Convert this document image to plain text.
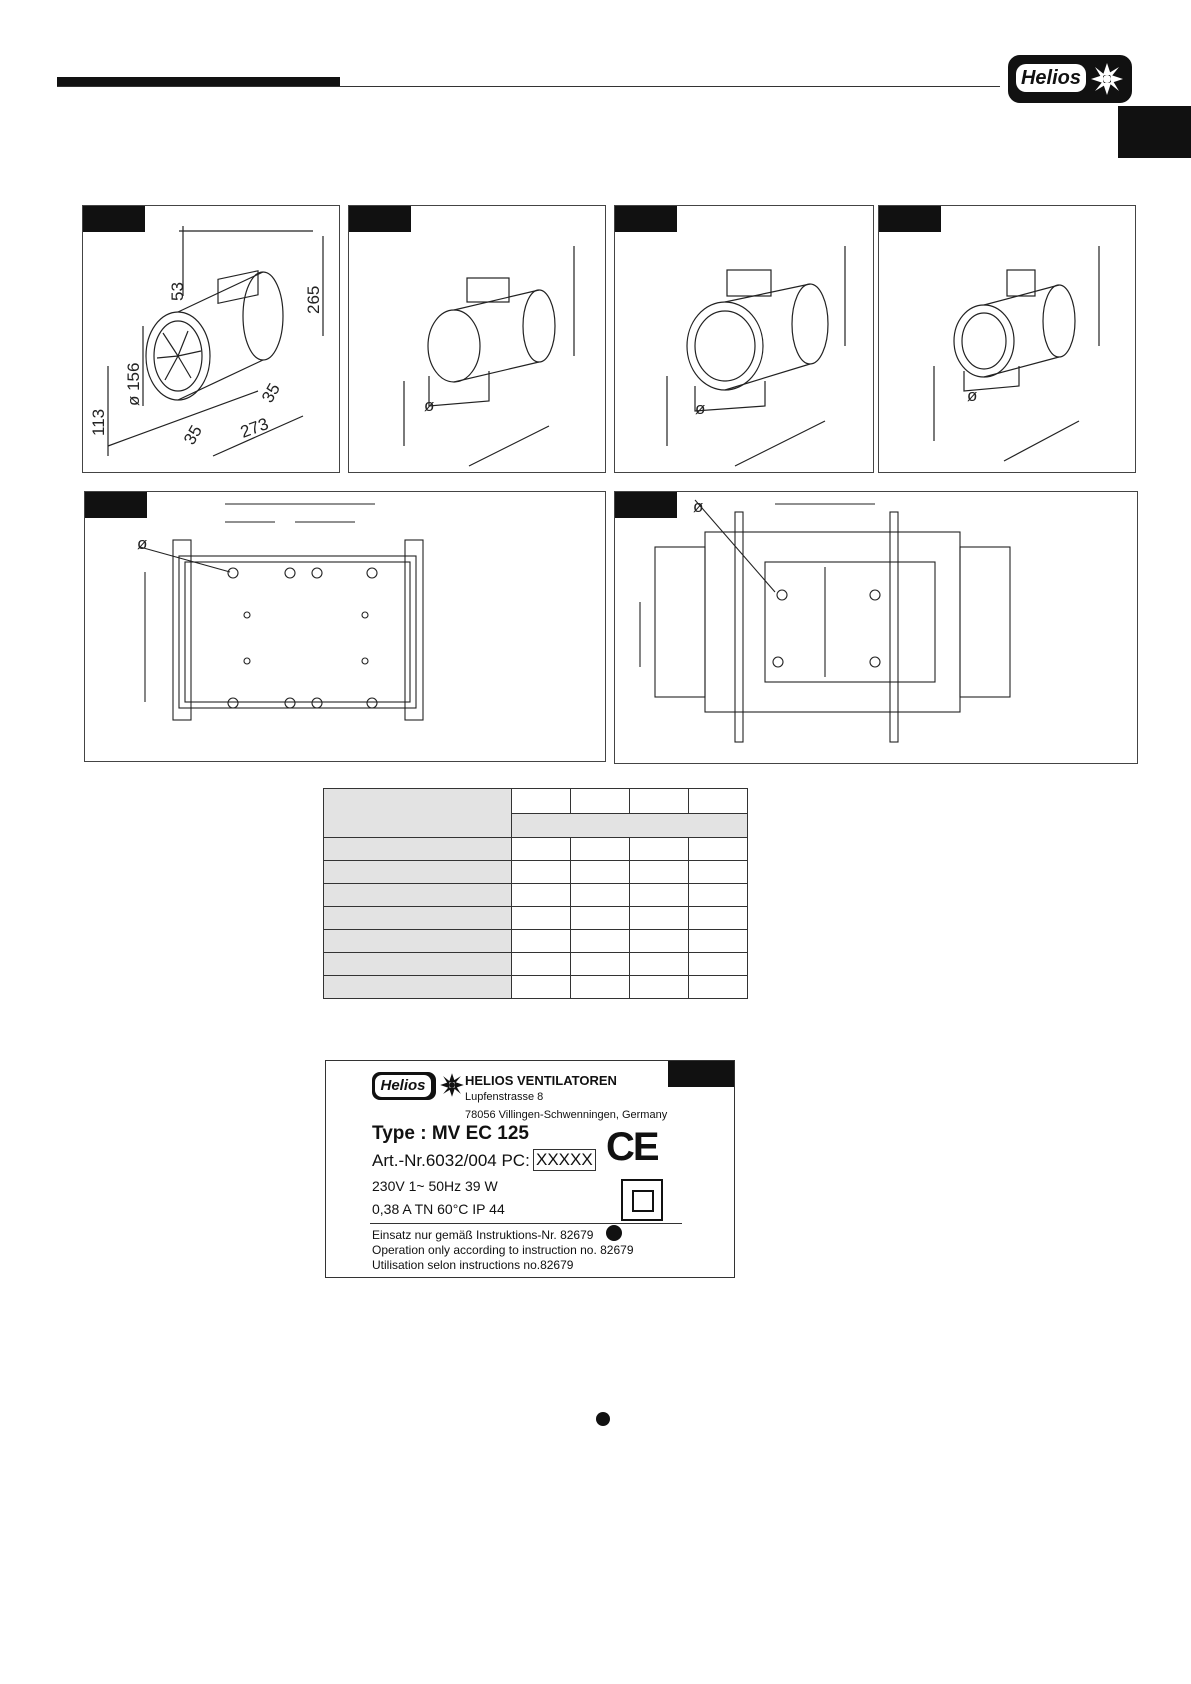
Helios
53	265
ø 156
113
35
35 273
ø	ø
ø
ø
ø

Helios	HELIOS VENTILATOREN
Lupfenstrasse 8
78056 Villingen-Schwenningen, Germany
Type : MV EC 125
Art.-Nr.6032/004 PC: XXXXX
230V 1~ 50Hz 39 W
0,38 A TN 60°C IP 44
Einsatz nur gemäß Instruktions-Nr. 82679
Operation only according to instruction no. 82679
Utilisation selon instructions no.82679
CE
